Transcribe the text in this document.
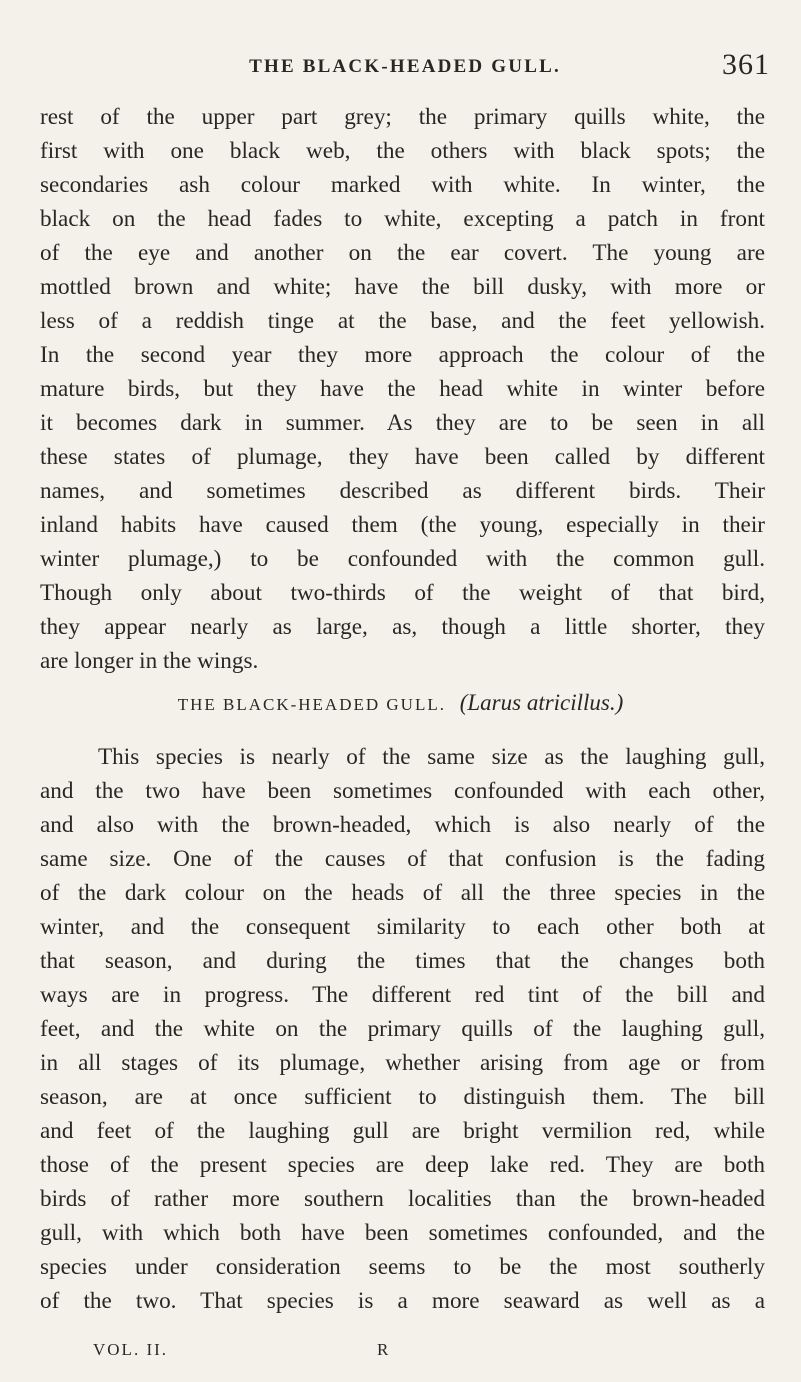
THE BLACK-HEADED GULL.	361
rest of the upper part grey; the primary quills white, the
first with one black web, the others with black spots; the
secondaries ash colour marked with white. In winter, the
black on the head fades to white, excepting a patch in front
of the eye and another on the ear covert. The young are
mottled brown and white; have the bill dusky, with more or
less of a reddish tinge at the base, and the feet yellowish.
In the second year they more approach the colour of the
mature birds, but they have the head white in winter before
it becomes dark in summer. As they are to be seen in all
these states of plumage, they have been called by different
names, and sometimes described as different birds. Their
inland habits have caused them (the young, especially in their
winter plumage,) to be confounded with the common gull.
Though only about two-thirds of the weight of that bird,
they appear nearly as large, as, though a little shorter, they
are longer in the wings.
THE BLACK-HEADED GULL. (Larus atricillus.)
This species is nearly of the same size as the laughing gull,
and the two have been sometimes confounded with each other,
and also with the brown-headed, which is also nearly of the
same size. One of the causes of that confusion is the fading
of the dark colour on the heads of all the three species in the
winter, and the consequent similarity to each other both at
that season, and during the times that the changes both
ways are in progress. The different red tint of the bill and
feet, and the white on the primary quills of the laughing gull,
in all stages of its plumage, whether arising from age or from
season, are at once sufficient to distinguish them. The bill
and feet of the laughing gull are bright vermilion red, while
those of the present species are deep lake red. They are both
birds of rather more southern localities than the brown-headed
gull, with which both have been sometimes confounded, and the
species under consideration seems to be the most southerly
of the two. That species is a more seaward as well as a
VOL. II.	R
